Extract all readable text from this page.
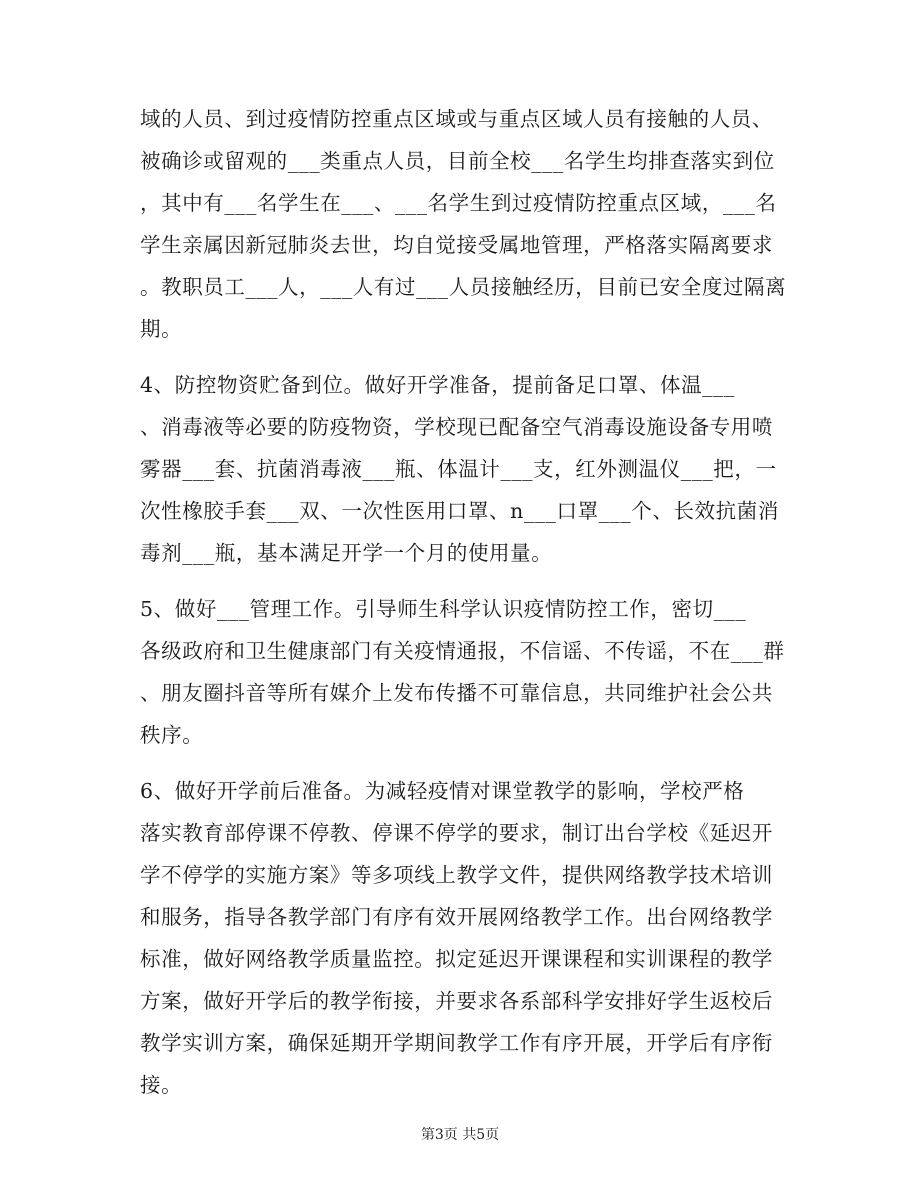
域的人员、到过疫情防控重点区域或与重点区域人员有接触的人员、
被确诊或留观的___类重点人员，目前全校___名学生均排查落实到位
，其中有___名学生在___、___名学生到过疫情防控重点区域，___名
学生亲属因新冠肺炎去世，均自觉接受属地管理，严格落实隔离要求
。教职员工___人，___人有过___人员接触经历，目前已安全度过隔离
期。
4、防控物资贮备到位。做好开学准备，提前备足口罩、体温___
、消毒液等必要的防疫物资，学校现已配备空气消毒设施设备专用喷
雾器___套、抗菌消毒液___瓶、体温计___支，红外测温仪___把，一
次性橡胶手套___双、一次性医用口罩、n___口罩___个、长效抗菌消
毒剂___瓶，基本满足开学一个月的使用量。
5、做好___管理工作。引导师生科学认识疫情防控工作，密切___
各级政府和卫生健康部门有关疫情通报，不信谣、不传谣，不在___群
、朋友圈抖音等所有媒介上发布传播不可靠信息，共同维护社会公共
秩序。
6、做好开学前后准备。为减轻疫情对课堂教学的影响，学校严格
落实教育部停课不停教、停课不停学的要求，制订出台学校《延迟开
学不停学的实施方案》等多项线上教学文件，提供网络教学技术培训
和服务，指导各教学部门有序有效开展网络教学工作。出台网络教学
标准，做好网络教学质量监控。拟定延迟开课课程和实训课程的教学
方案，做好开学后的教学衔接，并要求各系部科学安排好学生返校后
教学实训方案，确保延期开学期间教学工作有序开展，开学后有序衔
接。
第3页 共5页
